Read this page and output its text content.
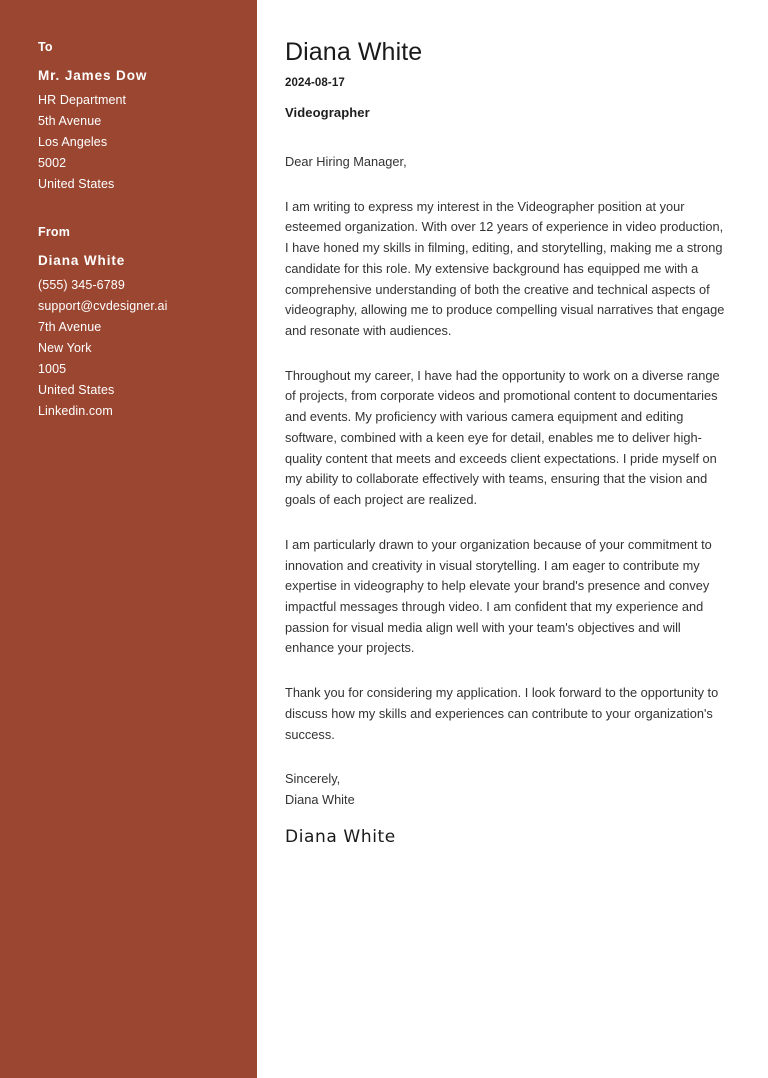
To
Mr. James Dow
HR Department
5th Avenue
Los Angeles
5002
United States
From
Diana White
(555) 345-6789
support@cvdesigner.ai
7th Avenue
New York
1005
United States
Linkedin.com
Diana White
2024-08-17
Videographer

Dear Hiring Manager,

I am writing to express my interest in the Videographer position at your esteemed organization. With over 12 years of experience in video production, I have honed my skills in filming, editing, and storytelling, making me a strong candidate for this role. My extensive background has equipped me with a comprehensive understanding of both the creative and technical aspects of videography, allowing me to produce compelling visual narratives that engage and resonate with audiences.

Throughout my career, I have had the opportunity to work on a diverse range of projects, from corporate videos and promotional content to documentaries and events. My proficiency with various camera equipment and editing software, combined with a keen eye for detail, enables me to deliver high-quality content that meets and exceeds client expectations. I pride myself on my ability to collaborate effectively with teams, ensuring that the vision and goals of each project are realized.

I am particularly drawn to your organization because of your commitment to innovation and creativity in visual storytelling. I am eager to contribute my expertise in videography to help elevate your brand's presence and convey impactful messages through video. I am confident that my experience and passion for visual media align well with your team's objectives and will enhance your projects.

Thank you for considering my application. I look forward to the opportunity to discuss how my skills and experiences can contribute to your organization's success.

Sincerely,
Diana White
Diana White
